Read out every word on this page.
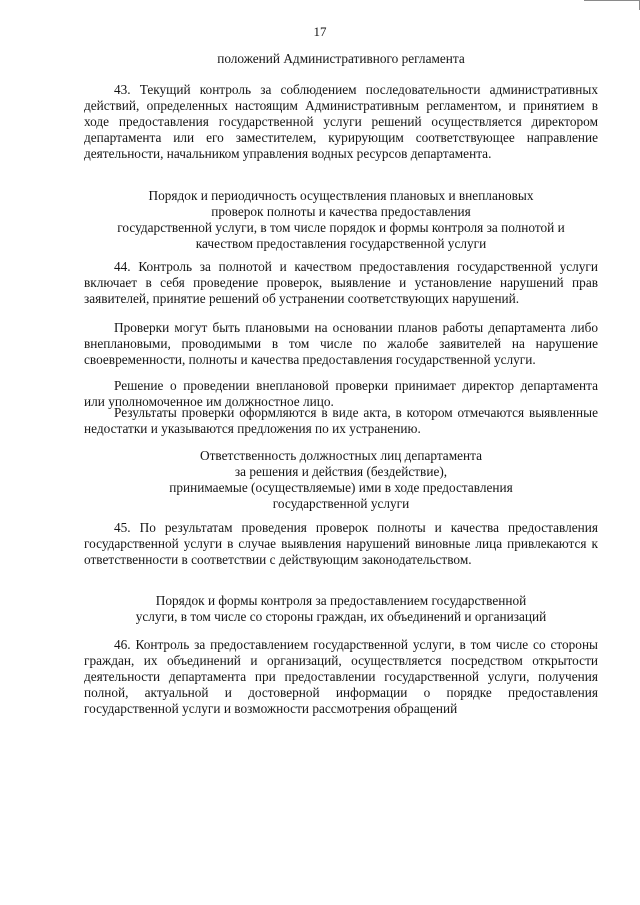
17
положений Административного регламента

43. Текущий контроль за соблюдением последовательности административных действий, определенных настоящим Административным регламентом, и принятием в ходе предоставления государственной услуги решений осуществляется директором департамента или его заместителем, курирующим соответствующее направление деятельности, начальником управления водных ресурсов департамента.

Порядок и периодичность осуществления плановых и внеплановых
проверок полноты и качества предоставления
государственной услуги, в том числе порядок и формы контроля за полнотой и
качеством предоставления государственной услуги

44. Контроль за полнотой и качеством предоставления государственной услуги включает в себя проведение проверок, выявление и установление нарушений прав заявителей, принятие решений об устранении соответствующих нарушений.

Проверки могут быть плановыми на основании планов работы департамента либо внеплановыми, проводимыми в том числе по жалобе заявителей на нарушение своевременности, полноты и качества предоставления государственной услуги.

Решение о проведении внеплановой проверки принимает директор департамента или уполномоченное им должностное лицо.

Результаты проверки оформляются в виде акта, в котором отмечаются выявленные недостатки и указываются предложения по их устранению.

Ответственность должностных лиц департамента
за решения и действия (бездействие),
принимаемые (осуществляемые) ими в ходе предоставления
государственной услуги

45. По результатам проведения проверок полноты и качества предоставления государственной услуги в случае выявления нарушений виновные лица привлекаются к ответственности в соответствии с действующим законодательством.

Порядок и формы контроля за предоставлением государственной
услуги, в том числе со стороны граждан, их объединений и организаций

46. Контроль за предоставлением государственной услуги, в том числе со стороны граждан, их объединений и организаций, осуществляется посредством открытости деятельности департамента при предоставлении государственной услуги, получения полной, актуальной и достоверной информации о порядке предоставления государственной услуги и возможности рассмотрения обращений
